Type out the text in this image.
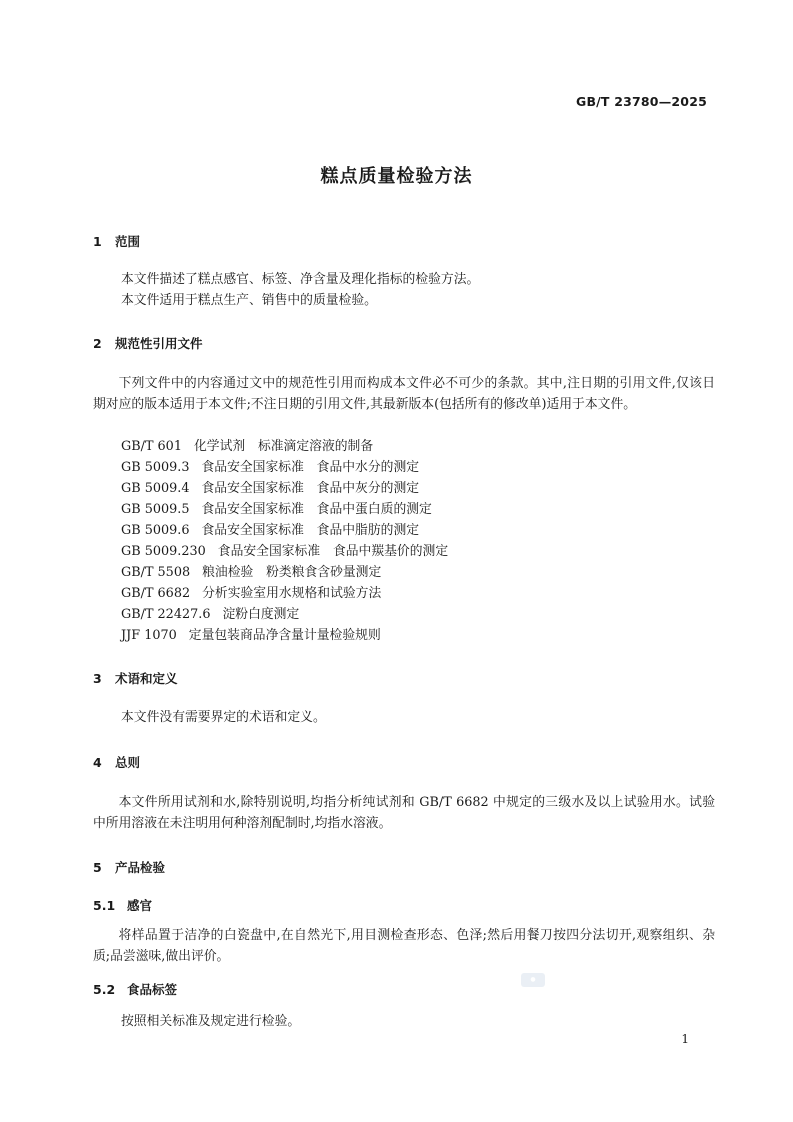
GB/T 23780—2025
糕点质量检验方法
1 范围
本文件描述了糕点感官、标签、净含量及理化指标的检验方法。
本文件适用于糕点生产、销售中的质量检验。
2 规范性引用文件

下列文件中的内容通过文中的规范性引用而构成本文件必不可少的条款。其中,注日期的引用文件,仅该日期对应的版本适用于本文件;不注日期的引用文件,其最新版本(包括所有的修改单)适用于本文件。

GB/T 601 化学试剂　标准滴定溶液的制备
GB 5009.3 食品安全国家标准　食品中水分的测定
GB 5009.4 食品安全国家标准　食品中灰分的测定
GB 5009.5 食品安全国家标准　食品中蛋白质的测定
GB 5009.6 食品安全国家标准　食品中脂肪的测定
GB 5009.230 食品安全国家标准　食品中羰基价的测定
GB/T 5508 粮油检验　粉类粮食含砂量测定
GB/T 6682 分析实验室用水规格和试验方法
GB/T 22427.6 淀粉白度测定
JJF 1070 定量包装商品净含量计量检验规则
3 术语和定义
本文件没有需要界定的术语和定义。
4 总则

本文件所用试剂和水,除特别说明,均指分析纯试剂和 GB/T 6682 中规定的三级水及以上试验用水。试验中所用溶液在未注明用何种溶剂配制时,均指水溶液。

5 产品检验
5.1 感官

将样品置于洁净的白瓷盘中,在自然光下,用目测检查形态、色泽;然后用餐刀按四分法切开,观察组织、杂质;品尝滋味,做出评价。

5.2 食品标签
按照相关标准及规定进行检验。
●
1
